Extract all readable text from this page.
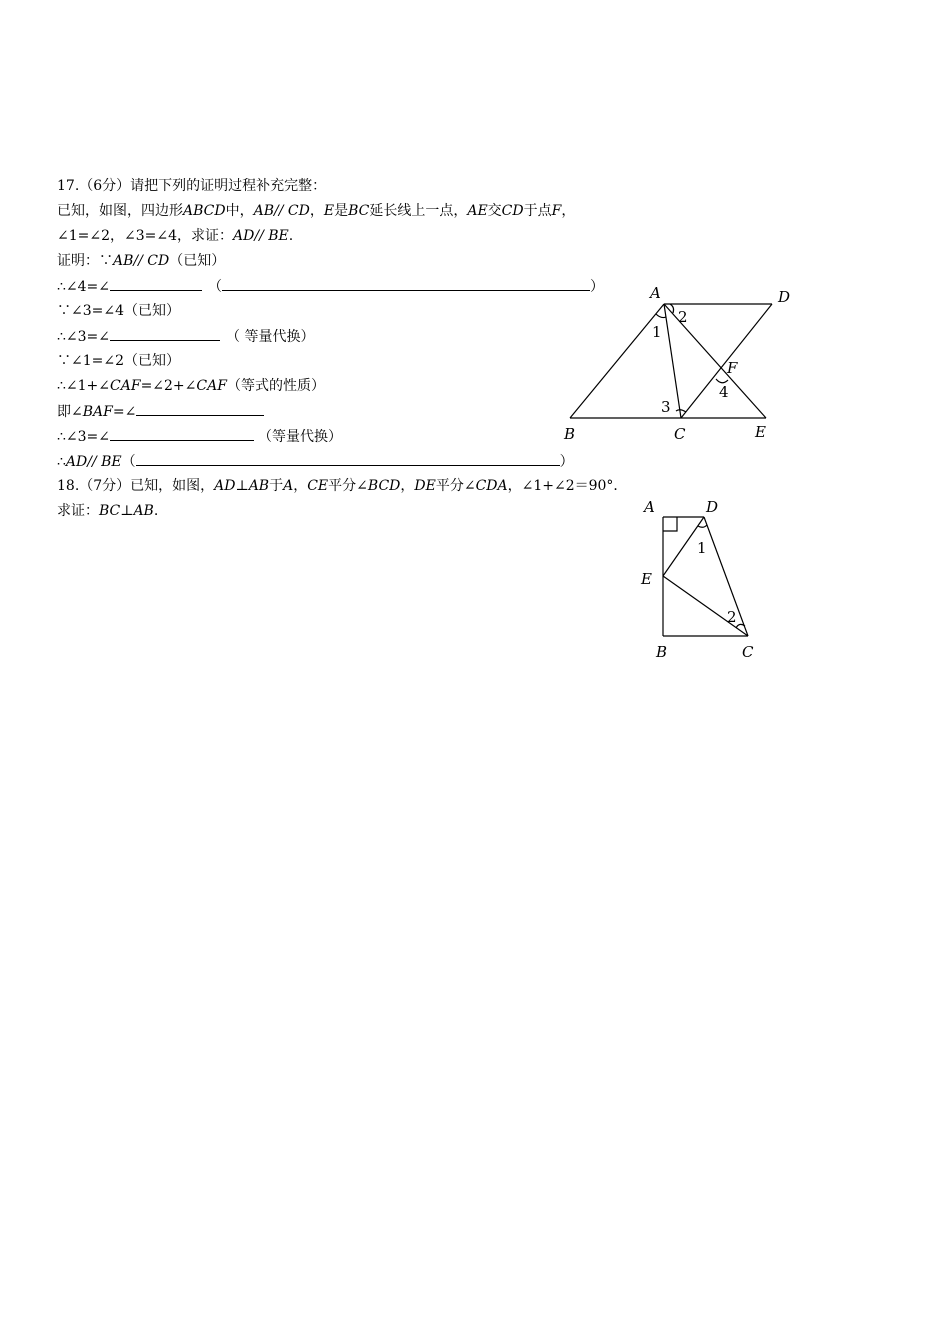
17.（6分）请把下列的证明过程补充完整：
已知，如图，四边形ABCD中，AB// CD，E是BC延长线上一点，AE交CD于点F，
∠1=∠2，∠3=∠4，求证：AD// BE.
证明：∵AB// CD（已知）
∴∠4=∠	（	）
∵∠3=∠4（已知）
∴∠3=∠	（ 等量代换）
∵∠1=∠2（已知）
∴∠1+∠CAF=∠2+∠CAF（等式的性质）
即∠BAF=∠
∴∠3=∠	（等量代换）
∴AD// BE（	）
18.（7分）已知，如图，AD⊥AB于A，CE平分∠BCD，DE平分∠CDA，∠1+∠2＝90°．
求证：BC⊥AB.
A	D
B	C	E
F
1
2
3
4
A	D
E
B	C
1
2
